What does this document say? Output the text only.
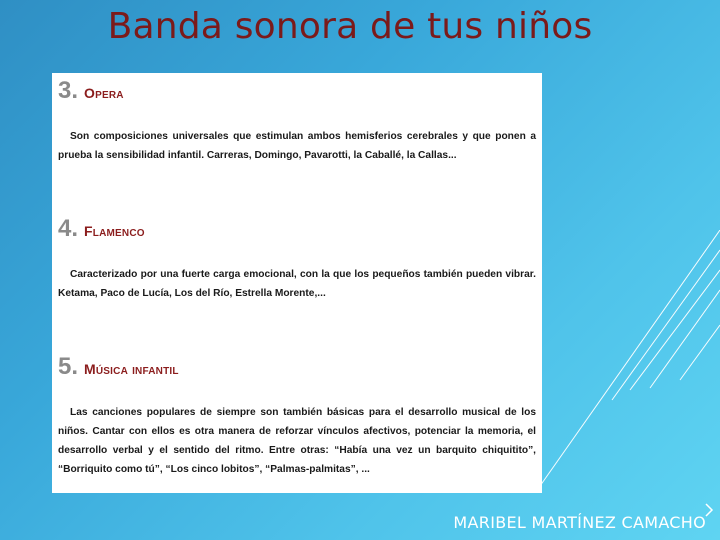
Banda sonora de tus niños
3. Opera

Son composiciones universales que estimulan ambos hemisferios cerebrales y que ponen a prueba la sensibilidad infantil. Carreras, Domingo, Pavarotti, la Caballé, la Callas...

4. Flamenco

Caracterizado por una fuerte carga emocional, con la que los pequeños también pueden vibrar. Ketama, Paco de Lucía, Los del Río, Estrella Morente,...

5. Música infantil

Las canciones populares de siempre son también básicas para el desarrollo musical de los niños. Cantar con ellos es otra manera de reforzar vínculos afectivos, potenciar la memoria, el desarrollo verbal y el sentido del ritmo. Entre otras: “Había una vez un barquito chiquitito”, “Borriquito como tú”, “Los cinco lobitos”, “Palmas-palmitas”, ...

MARIBEL MARTÍNEZ CAMACHO
